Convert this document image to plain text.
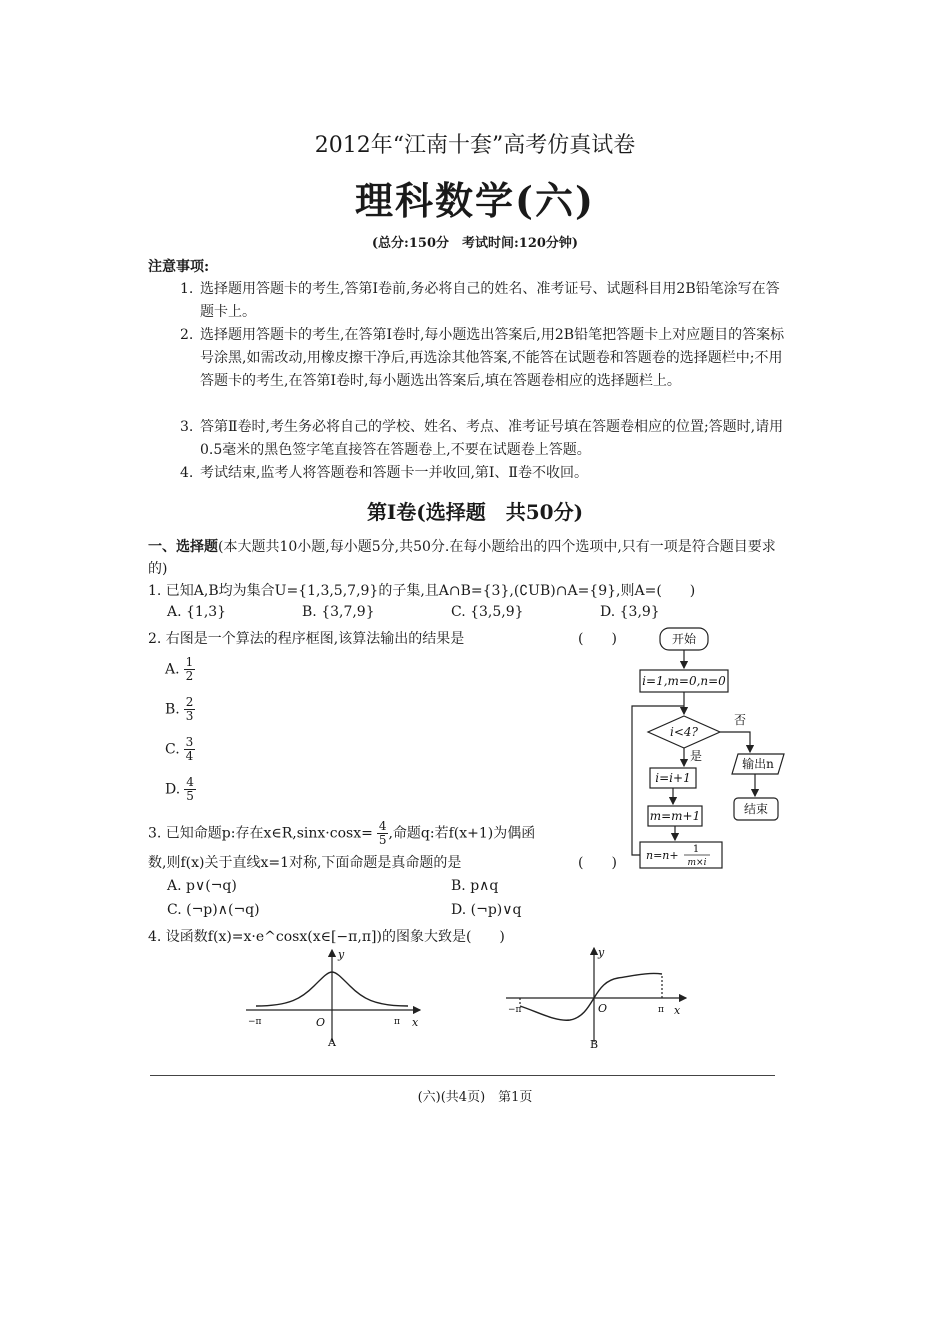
2012年“江南十套”高考仿真试卷
理科数学(六)
(总分:150分　考试时间:120分钟)
注意事项:
1. 选择题用答题卡的考生,答第Ⅰ卷前,务必将自己的姓名、准考证号、试题科目用2B铅笔涂写在答题卡上。
2. 选择题用答题卡的考生,在答第Ⅰ卷时,每小题选出答案后,用2B铅笔把答题卡上对应题目的答案标号涂黑,如需改动,用橡皮擦干净后,再选涂其他答案,不能答在试题卷和答题卷的选择题栏中;不用答题卡的考生,在答第Ⅰ卷时,每小题选出答案后,填在答题卷相应的选择题栏上。
3. 答第Ⅱ卷时,考生务必将自己的学校、姓名、考点、准考证号填在答题卷相应的位置;答题时,请用0.5毫米的黑色签字笔直接答在答题卷上,不要在试题卷上答题。
4. 考试结束,监考人将答题卷和答题卡一并收回,第Ⅰ、Ⅱ卷不收回。
第Ⅰ卷(选择题　共50分)
一、选择题(本大题共10小题,每小题5分,共50分.在每小题给出的四个选项中,只有一项是符合题目要求的)
1. 已知A,B均为集合U={1,3,5,7,9}的子集,且A∩B={3},(∁UB)∩A={9},则A=(　　)
A. {1,3}	B. {3,7,9}	C. {3,5,9}	D. {3,9}
2. 右图是一个算法的程序框图,该算法输出的结果是	(　　)
A. $\frac{1}{2}$
B. $\frac{2}{3}$
C. $\frac{3}{4}$
D. $\frac{4}{5}$
开始
i=1,m=0,n=0
i<4?
是
否
i=i+1
m=m+1
n=n+ 1
m×i
输出n
结束
3. 已知命题p:存在x∈R,sinx·cosx= $\frac{4}{5}$ ,命题q:若f(x+1)为偶函
数,则f(x)关于直线x=1对称,下面命题是真命题的是	(　　)
A. p∨(¬q)	B. p∧q
C. (¬p)∧(¬q)	D. (¬p)∨q
4. 设函数f(x)=x·e^cosx(x∈[−π,π])的图象大致是(　　)
y
x
O
−π	π
A
y
x
O
−π	π
B
(六)(共4页)　第1页
